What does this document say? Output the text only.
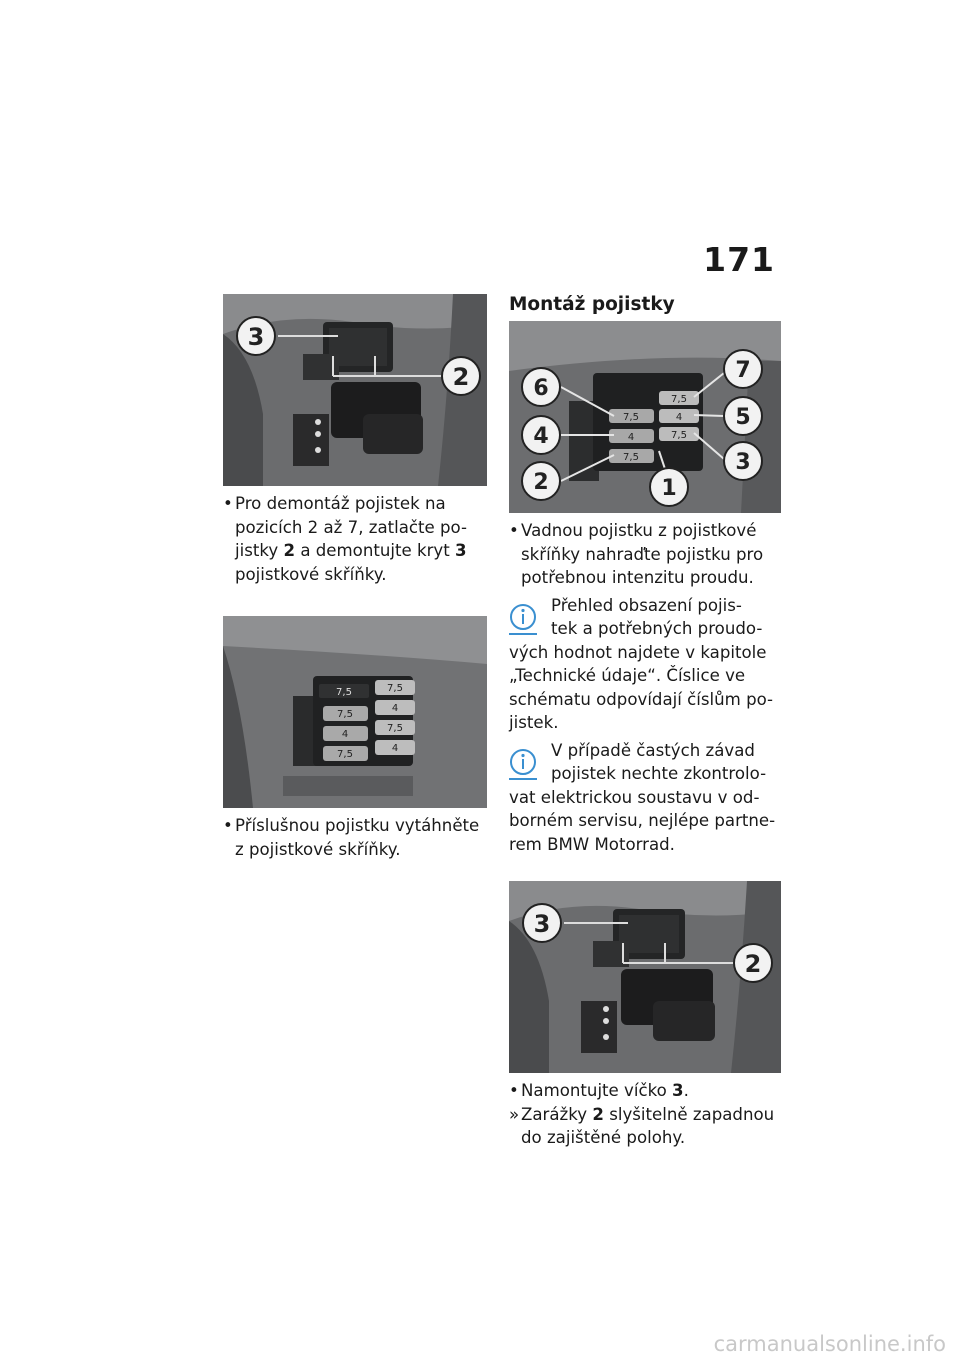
171
3
2
• Pro demontáž pojistek na
pozicích 2 až 7, zatlačte po-
jistky 2 a demontujte kryt 3
pojistkové skříňky.
7,5
4
7,5
4
7,5
4
7,5
7,5
• Příslušnou pojistku vytáhněte
z pojistkové skříňky.
Montáž pojistky
7,5
7,5	4
4	7,5
7,5
6
7
4
5
2
3
1
• Vadnou pojistku z pojistkové
skříňky nahraďte pojistku pro
potřebnou intenzitu proudu.
Přehled obsazení pojis-
tek a potřebných proudo-
vých hodnot najdete v kapitole
„Technické údaje“. Číslice ve
schématu odpovídají číslům po-
jistek.
V případě častých závad
pojistek nechte zkontrolo-
vat elektrickou soustavu v od-
borném servisu, nejlépe partne-
rem BMW Motorrad.
3
2
• Namontujte víčko 3.
» Zarážky 2 slyšitelně zapadnou
do zajištěné polohy.
carmanualsonline.info
